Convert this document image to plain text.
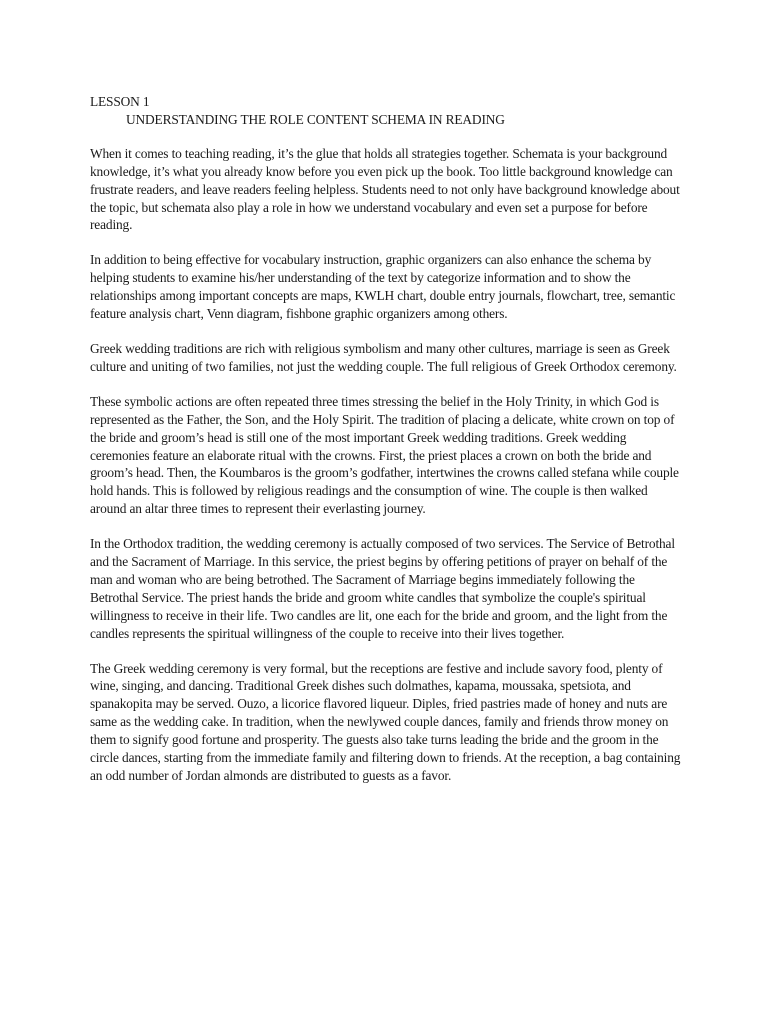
LESSON 1
UNDERSTANDING THE ROLE CONTENT SCHEMA IN READING

When it comes to teaching reading, it’s the glue that holds all strategies together. Schemata is your background knowledge, it’s what you already know before you even pick up the book. Too little background knowledge can frustrate readers, and leave readers feeling helpless. Students need to not only have background knowledge about the topic, but schemata also play a role in how we understand vocabulary and even set a purpose for before reading.

In addition to being effective for vocabulary instruction, graphic organizers can also enhance the schema by helping students to examine his/her understanding of the text by categorize information and to show the relationships among important concepts are maps, KWLH chart, double entry journals, flowchart, tree, semantic feature analysis chart, Venn diagram, fishbone graphic organizers among others.

Greek wedding traditions are rich with religious symbolism and many other cultures, marriage is seen as Greek culture and uniting of two families, not just the wedding couple. The full religious of Greek Orthodox ceremony.

These symbolic actions are often repeated three times stressing the belief in the Holy Trinity, in which God is represented as the Father, the Son, and the Holy Spirit. The tradition of placing a delicate, white crown on top of the bride and groom’s head is still one of the most important Greek wedding traditions. Greek wedding ceremonies feature an elaborate ritual with the crowns. First, the priest places a crown on both the bride and groom’s head. Then, the Koumbaros is the groom’s godfather, intertwines the crowns called stefana while couple hold hands. This is followed by religious readings and the consumption of wine. The couple is then walked around an altar three times to represent their everlasting journey.

In the Orthodox tradition, the wedding ceremony is actually composed of two services. The Service of Betrothal and the Sacrament of Marriage. In this service, the priest begins by offering petitions of prayer on behalf of the man and woman who are being betrothed. The Sacrament of Marriage begins immediately following the Betrothal Service. The priest hands the bride and groom white candles that symbolize the couple's spiritual willingness to receive in their life. Two candles are lit, one each for the bride and groom, and the light from the candles represents the spiritual willingness of the couple to receive into their lives together.

The Greek wedding ceremony is very formal, but the receptions are festive and include savory food, plenty of wine, singing, and dancing. Traditional Greek dishes such dolmathes, kapama, moussaka, spetsiota, and spanakopita may be served. Ouzo, a licorice flavored liqueur. Diples, fried pastries made of honey and nuts are same as the wedding cake. In tradition, when the newlywed couple dances, family and friends throw money on them to signify good fortune and prosperity. The guests also take turns leading the bride and the groom in the circle dances, starting from the immediate family and filtering down to friends. At the reception, a bag containing an odd number of Jordan almonds are distributed to guests as a favor.
